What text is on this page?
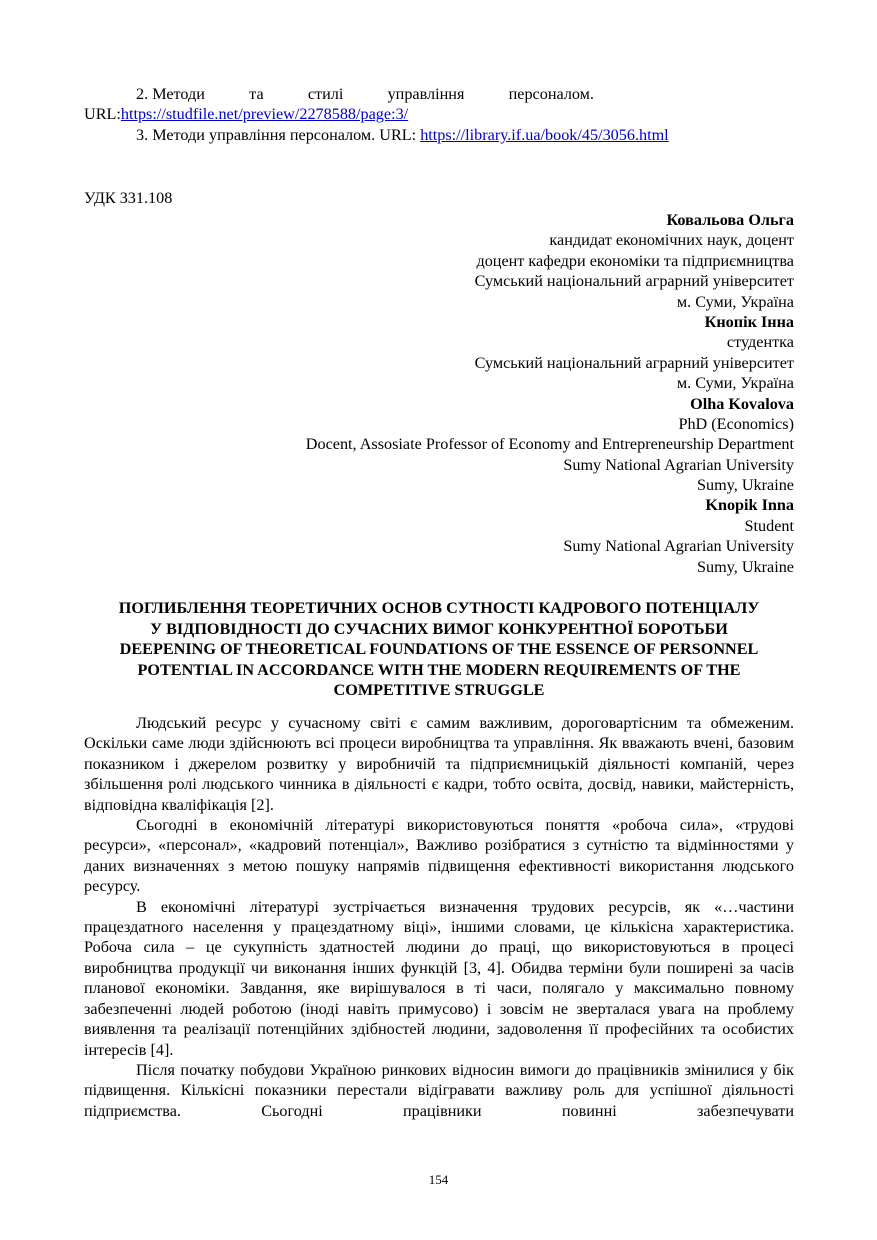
2. Методи	та	стилі	управління	персоналом.
URL:https://studfile.net/preview/2278588/page:3/
3. Методи управління персоналом. URL: https://library.if.ua/book/45/3056.html
УДК 331.108
Ковальова Ольга
кандидат економічних наук, доцент
доцент кафедри економіки та підприємництва
Сумський національний аграрний університет
м. Суми, Україна
Кнопік Інна
студентка
Сумський національний аграрний університет
м. Суми, Україна
Olha Kovalova
PhD (Economics)
Docent, Assosiate Professor of Economy and Entrepreneurship Department
Sumy National Agrarian University
Sumy, Ukraine
Knopik Inna
Student
Sumy National Agrarian University
Sumy, Ukraine
ПОГЛИБЛЕННЯ ТЕОРЕТИЧНИХ ОСНОВ СУТНОСТІ КАДРОВОГО ПОТЕНЦІАЛУ
У ВІДПОВІДНОСТІ ДО СУЧАСНИХ ВИМОГ КОНКУРЕНТНОЇ БОРОТЬБИ
DEEPENING OF THEORETICAL FOUNDATIONS OF THE ESSENCE OF PERSONNEL
POTENTIAL IN ACCORDANCE WITH THE MODERN REQUIREMENTS OF THE
COMPETITIVE STRUGGLE

Людський ресурс у сучасному світі є самим важливим, дороговартісним та обмеженим. Оскільки саме люди здійснюють всі процеси виробництва та управління. Як вважають вчені, базовим показником і джерелом розвитку у виробничій та підприємницькій діяльності компаній, через збільшення ролі людського чинника в діяльності є кадри, тобто освіта, досвід, навики, майстерність, відповідна кваліфікація [2].

Сьогодні в економічній літературі використовуються поняття «робоча сила», «трудові ресурси», «персонал», «кадровий потенціал», Важливо розібратися з сутністю та відмінностями у даних визначеннях з метою пошуку напрямів підвищення ефективності використання людського ресурсу.

В економічні літературі зустрічається визначення трудових ресурсів, як «…частини працездатного населення у працездатному віці», іншими словами, це кількісна характеристика. Робоча сила – це сукупність здатностей людини до праці, що використовуються в процесі виробництва продукції чи виконання інших функцій [3, 4]. Обидва терміни були поширені за часів планової економіки. Завдання, яке вирішувалося в ті часи, полягало у максимально повному забезпеченні людей роботою (іноді навіть примусово) і зовсім не зверталася увага на проблему виявлення та реалізації потенційних здібностей людини, задоволення її професійних та особистих інтересів [4].

Після початку побудови Україною ринкових відносин вимоги до працівників змінилися у бік підвищення. Кількісні показники перестали відігравати важливу роль для успішної діяльності підприємства. Сьогодні працівники повинні забезпечувати

154
